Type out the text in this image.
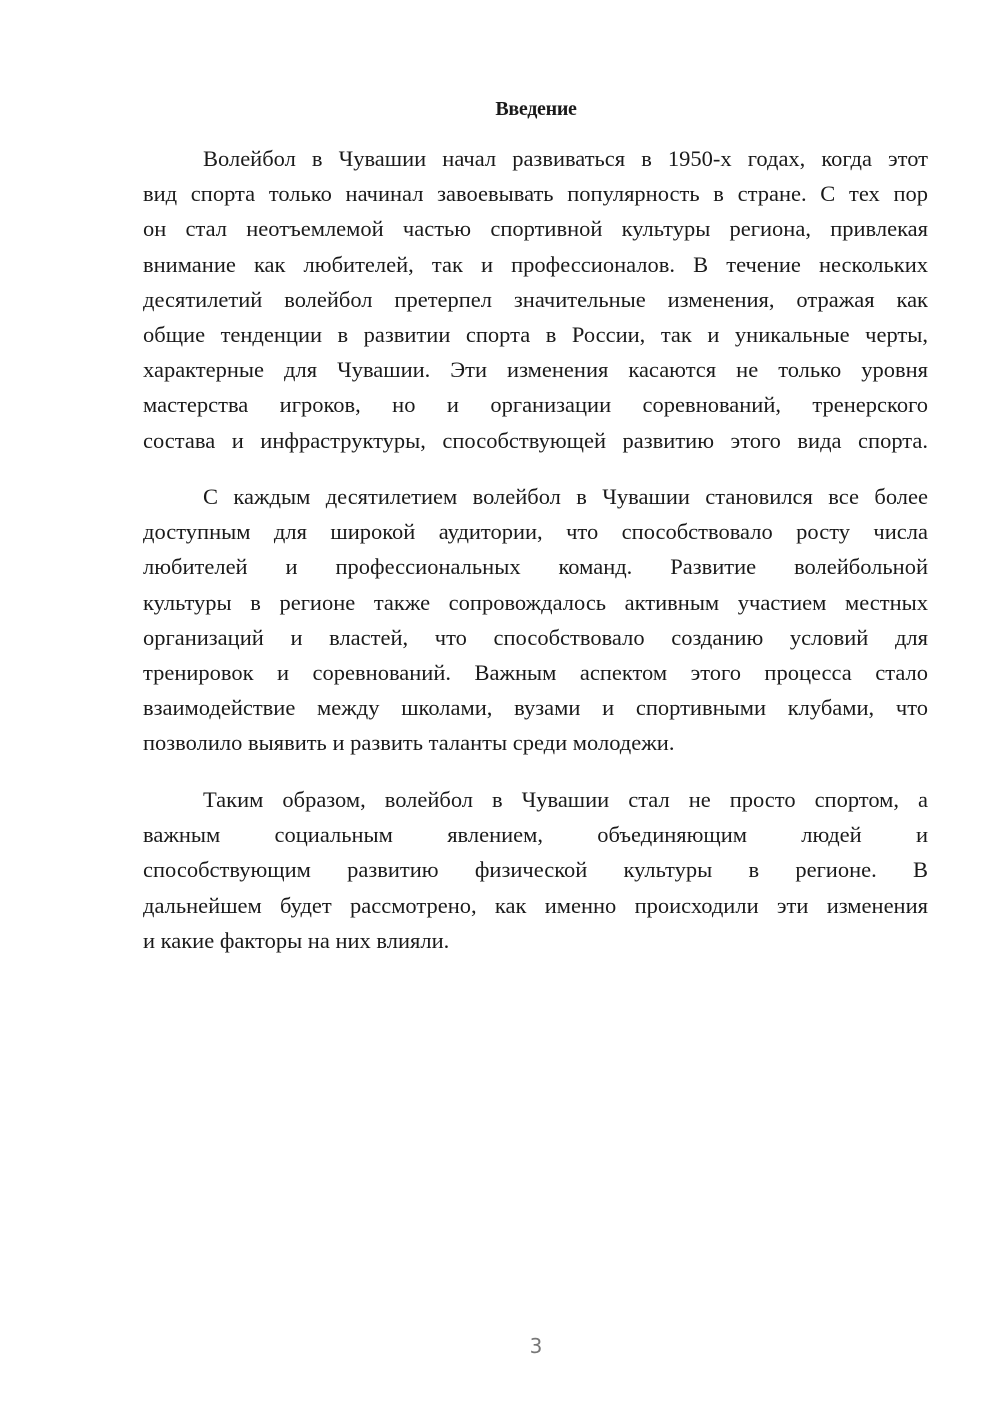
Введение
Волейбол в Чувашии начал развиваться в 1950-х годах, когда этот
вид спорта только начинал завоевывать популярность в стране. С тех пор
он стал неотъемлемой частью спортивной культуры региона, привлекая
внимание как любителей, так и профессионалов. В течение нескольких
десятилетий волейбол претерпел значительные изменения, отражая как
общие тенденции в развитии спорта в России, так и уникальные черты,
характерные для Чувашии. Эти изменения касаются не только уровня
мастерства игроков, но и организации соревнований, тренерского
состава и инфраструктуры, способствующей развитию этого вида спорта.
С каждым десятилетием волейбол в Чувашии становился все более
доступным для широкой аудитории, что способствовало росту числа
любителей и профессиональных команд. Развитие волейбольной
культуры в регионе также сопровождалось активным участием местных
организаций и властей, что способствовало созданию условий для
тренировок и соревнований. Важным аспектом этого процесса стало
взаимодействие между школами, вузами и спортивными клубами, что
позволило выявить и развить таланты среди молодежи.
Таким образом, волейбол в Чувашии стал не просто спортом, а
важным социальным явлением, объединяющим людей и
способствующим развитию физической культуры в регионе. В
дальнейшем будет рассмотрено, как именно происходили эти изменения
и какие факторы на них влияли.
3
